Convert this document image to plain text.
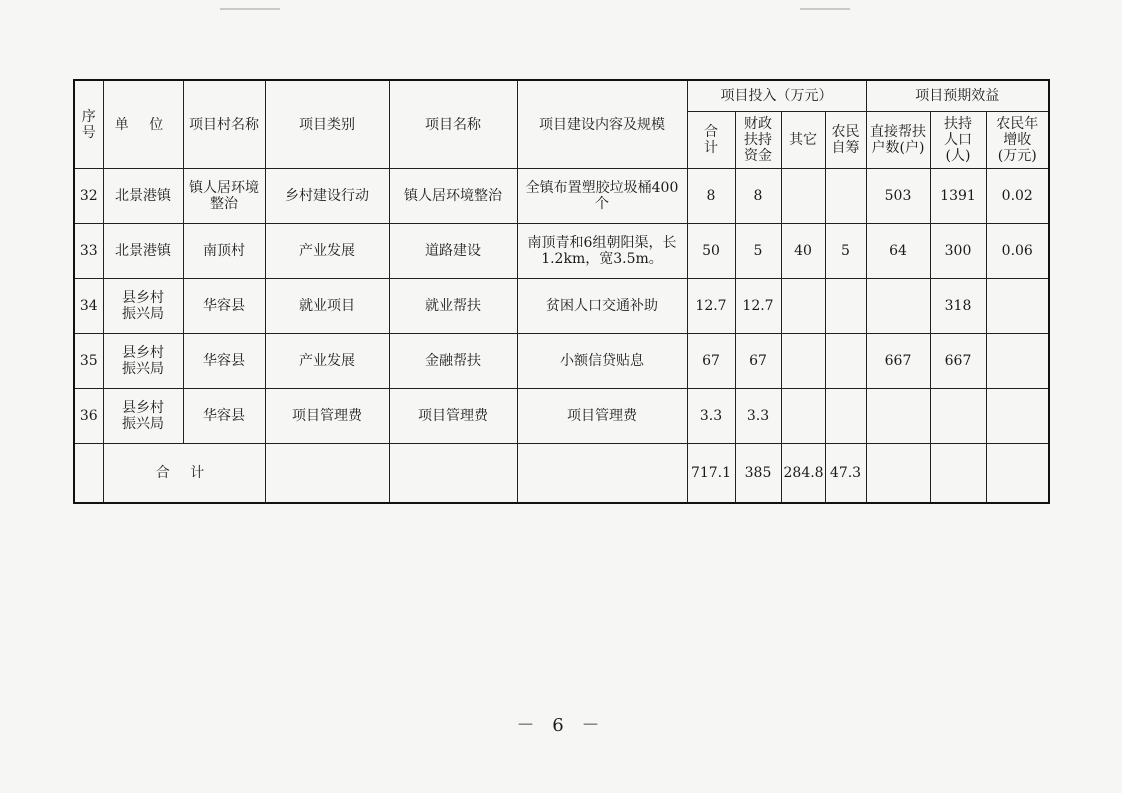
序号	单 位	项目村名称	项目类别	项目名称	项目建设内容及规模	项目投入（万元）				项目预期效益		

						合计	财政扶持资金	其它	农民自筹	直接帮扶户数(户)	扶持人口(人)	农民年增收(万元)

32	北景港镇	镇人居环境整治	乡村建设行动	镇人居环境整治	全镇布置塑胶垃圾桶400个	8	8			503	1391	0.02
33	北景港镇	南顶村	产业发展	道路建设	南顶青和6组朝阳渠，长1.2km，宽3.5m。	50	5	40	5	64	300	0.06
34	县乡村振兴局	华容县	就业项目	就业帮扶	贫困人口交通补助	12.7	12.7				318	
35	县乡村振兴局	华容县	产业发展	金融帮扶	小额信贷贴息	67	67			667	667	
36	县乡村振兴局	华容县	项目管理费	项目管理费	项目管理费	3.3	3.3					
	合 计					717.1	385	284.8	47.3			
－ 6 －
